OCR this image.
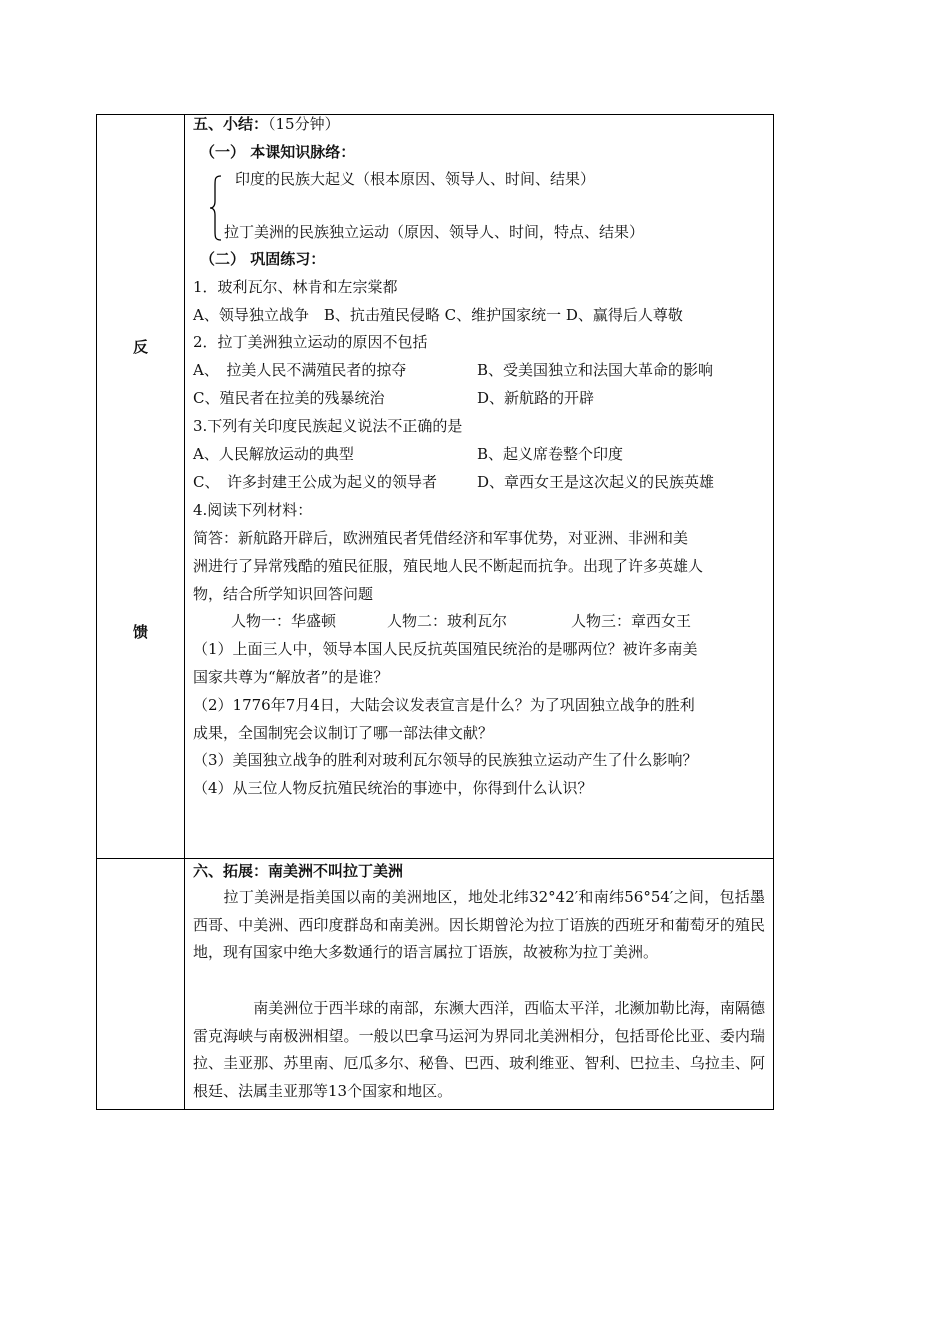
反
馈
五、小结：（15分钟）
（一） 本课知识脉络：
印度的民族大起义（根本原因、领导人、时间、结果）
拉丁美洲的民族独立运动（原因、领导人、时间，特点、结果）
（二） 巩固练习：
1．玻利瓦尔、林肯和左宗棠都
A、领导独立战争　B、抗击殖民侵略 C、维护国家统一 D、赢得后人尊敬
2．拉丁美洲独立运动的原因不包括
A、　拉美人民不满殖民者的掠夺	B、受美国独立和法国大革命的影响
C、殖民者在拉美的残暴统治	D、新航路的开辟
3.下列有关印度民族起义说法不正确的是
A、人民解放运动的典型	B、起义席卷整个印度
C、　许多封建王公成为起义的领导者	D、章西女王是这次起义的民族英雄
4.阅读下列材料：
简答：新航路开辟后，欧洲殖民者凭借经济和军事优势，对亚洲、非洲和美
洲进行了异常残酷的殖民征服，殖民地人民不断起而抗争。出现了许多英雄人
物，结合所学知识回答问题
人物一：华盛顿	人物二：玻利瓦尔	人物三：章西女王
（1）上面三人中，领导本国人民反抗英国殖民统治的是哪两位？被许多南美
国家共尊为“解放者”的是谁？
（2）1776年7月4日，大陆会议发表宣言是什么？为了巩固独立战争的胜利
成果，全国制宪会议制订了哪一部法律文献？
（3）美国独立战争的胜利对玻利瓦尔领导的民族独立运动产生了什么影响？
（4）从三位人物反抗殖民统治的事迹中，你得到什么认识？
六、拓展：南美洲不叫拉丁美洲
　　拉丁美洲是指美国以南的美洲地区，地处北纬32°42′和南纬56°54′之间，包括墨西哥、中美洲、西印度群岛和南美洲。因长期曾沦为拉丁语族的西班牙和葡萄牙的殖民地，现有国家中绝大多数通行的语言属拉丁语族，故被称为拉丁美洲。
　　　　南美洲位于西半球的南部，东濒大西洋，西临太平洋，北濒加勒比海，南隔德雷克海峡与南极洲相望。一般以巴拿马运河为界同北美洲相分，包括哥伦比亚、委内瑞拉、圭亚那、苏里南、厄瓜多尔、秘鲁、巴西、玻利维亚、智利、巴拉圭、乌拉圭、阿根廷、法属圭亚那等13个国家和地区。
